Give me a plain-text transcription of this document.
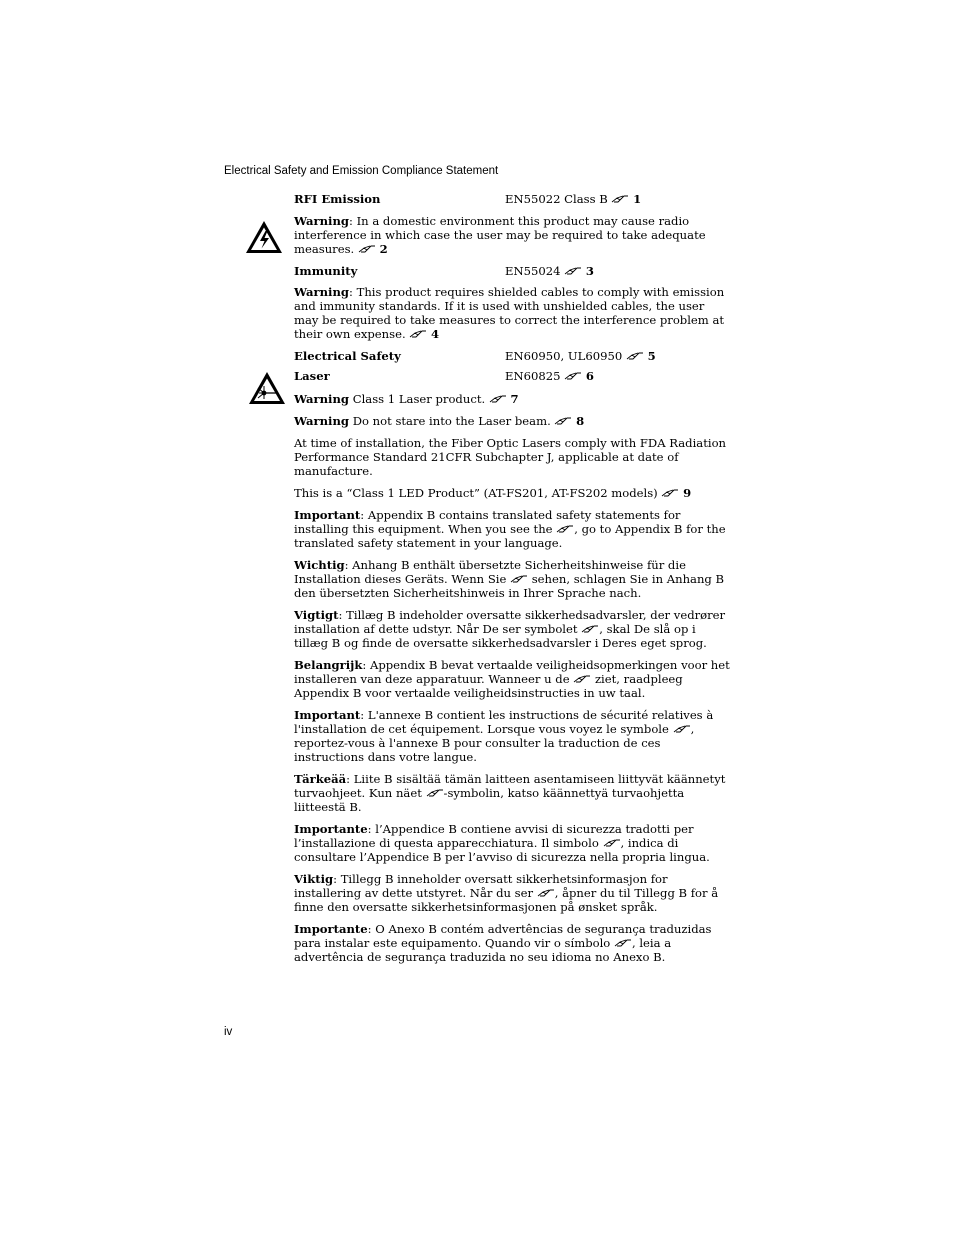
Electrical Safety and Emission Compliance Statement
RFI Emission	EN55022 Class B 1
Warning: In a domestic environment this product may cause radio interference in which case the user may be required to take adequate measures. 2
Immunity	EN55024 3
Warning: This product requires shielded cables to comply with emission and immunity standards. If it is used with unshielded cables, the user may be required to take measures to correct the interference problem at their own expense. 4
Electrical Safety	EN60950, UL60950 5
Laser	EN60825 6
Warning Class 1 Laser product. 7
Warning Do not stare into the Laser beam. 8
At time of installation, the Fiber Optic Lasers comply with FDA Radiation Performance Standard 21CFR Subchapter J, applicable at date of manufacture.
This is a “Class 1 LED Product” (AT-FS201, AT-FS202 models) 9
Important: Appendix B contains translated safety statements for installing this equipment. When you see the , go to Appendix B for the translated safety statement in your language.
Wichtig: Anhang B enthält übersetzte Sicherheitshinweise für die Installation dieses Geräts. Wenn Sie
sehen, schlagen Sie in Anhang B den übersetzten Sicherheitshinweis in Ihrer Sprache nach.
Vigtigt: Tillæg B indeholder oversatte sikkerhedsadvarsler, der vedrører installation af dette udstyr. Når De ser symbolet , skal De slå op i tillæg B og finde de oversatte sikkerhedsadvarsler i Deres eget sprog.
Belangrijk: Appendix B bevat vertaalde veiligheidsopmerkingen voor het installeren van deze apparatuur. Wanneer u de
ziet, raadpleeg Appendix B voor vertaalde veiligheidsinstructies in uw taal.
Important: L'annexe B contient les instructions de sécurité relatives à l'installation de cet équipement. Lorsque vous voyez le symbole , reportez-vous à l'annexe B pour consulter la traduction de ces instructions dans votre langue.
Tärkeää: Liite B sisältää tämän laitteen asentamiseen liittyvät käännetyt turvaohjeet. Kun näet -symbolin, katso käännettyä turvaohjetta liitteestä B.
Importante: l’Appendice B contiene avvisi di sicurezza tradotti per l’installazione di questa apparecchiatura. Il simbolo , indica di consultare l’Appendice B per l’avviso di sicurezza nella propria lingua.
Viktig: Tillegg B inneholder oversatt sikkerhetsinformasjon for installering av dette utstyret. Når du ser , åpner du til Tillegg B for å finne den oversatte sikkerhetsinformasjonen på ønsket språk.
Importante: O Anexo B contém advertências de segurança traduzidas para instalar este equipamento. Quando vir o símbolo , leia a advertência de segurança traduzida no seu idioma no Anexo B.
iv
